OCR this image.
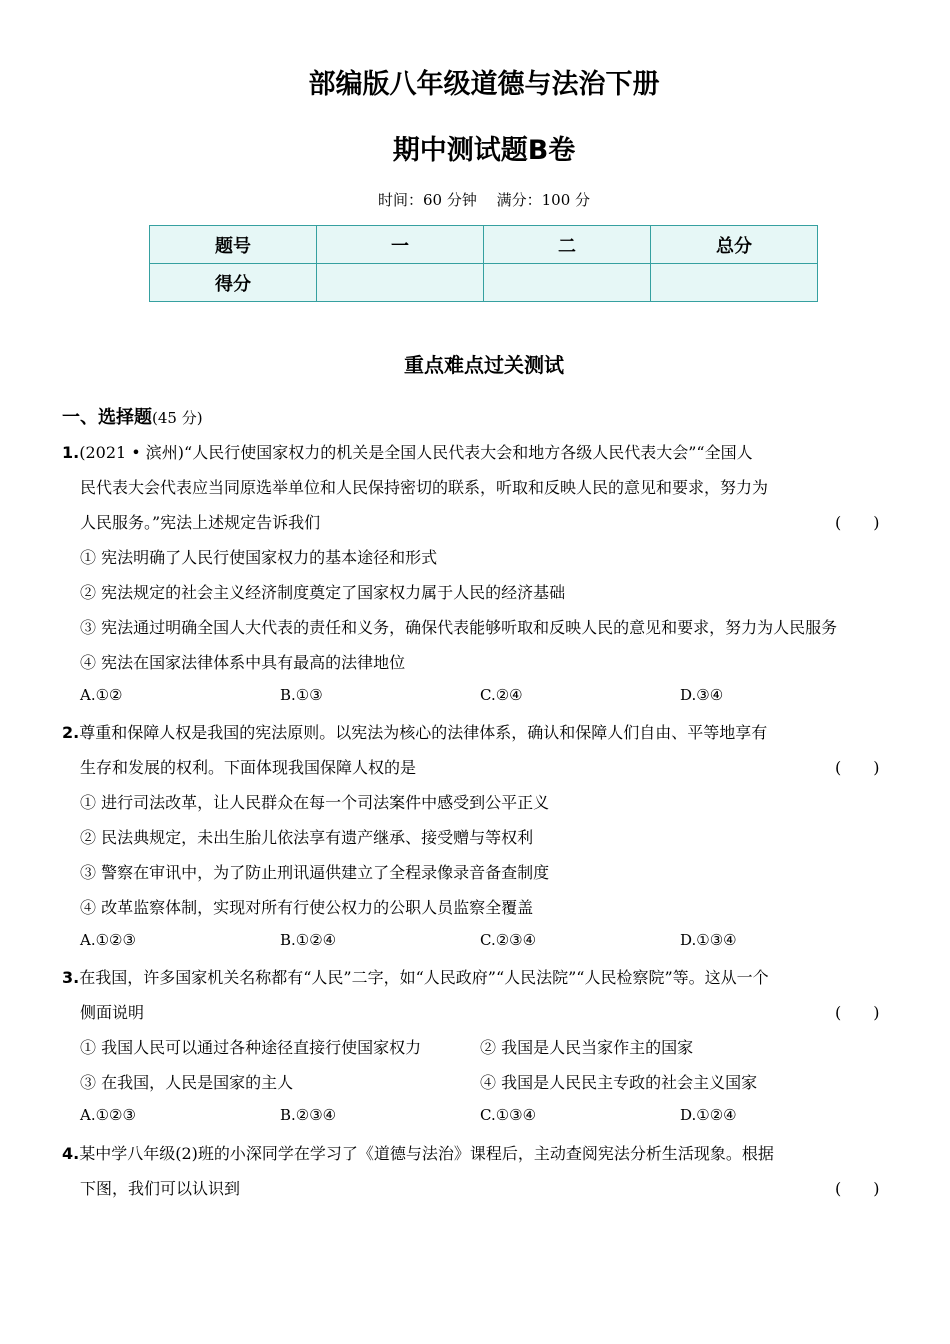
部编版八年级道德与法治下册
期中测试题B卷
时间：60 分钟　 满分：100 分
题号	一	二	总分
得分			
重点难点过关测试
一、选择题(45 分)
1.(2021 • 滨州)“人民行使国家权力的机关是全国人民代表大会和地方各级人民代表大会”“全国人
民代表大会代表应当同原选举单位和人民保持密切的联系，听取和反映人民的意见和要求，努力为
人民服务。”宪法上述规定告诉我们	(　　)
① 宪法明确了人民行使国家权力的基本途径和形式
② 宪法规定的社会主义经济制度奠定了国家权力属于人民的经济基础
③ 宪法通过明确全国人大代表的责任和义务，确保代表能够听取和反映人民的意见和要求，努力为人民服务
④ 宪法在国家法律体系中具有最高的法律地位
A.①②	B.①③	C.②④	D.③④
2.尊重和保障人权是我国的宪法原则。以宪法为核心的法律体系，确认和保障人们自由、平等地享有
生存和发展的权利。下面体现我国保障人权的是	(　　)
① 进行司法改革，让人民群众在每一个司法案件中感受到公平正义
② 民法典规定，未出生胎儿依法享有遗产继承、接受赠与等权利
③ 警察在审讯中，为了防止刑讯逼供建立了全程录像录音备查制度
④ 改革监察体制，实现对所有行使公权力的公职人员监察全覆盖
A.①②③	B.①②④	C.②③④	D.①③④
3.在我国，许多国家机关名称都有“人民”二字，如“人民政府”“人民法院”“人民检察院”等。这从一个
侧面说明	(　　)
① 我国人民可以通过各种途径直接行使国家权力	② 我国是人民当家作主的国家
③ 在我国，人民是国家的主人	④ 我国是人民民主专政的社会主义国家
A.①②③	B.②③④	C.①③④	D.①②④
4.某中学八年级(2)班的小深同学在学习了《道德与法治》课程后，主动查阅宪法分析生活现象。根据
下图，我们可以认识到	(　　)
